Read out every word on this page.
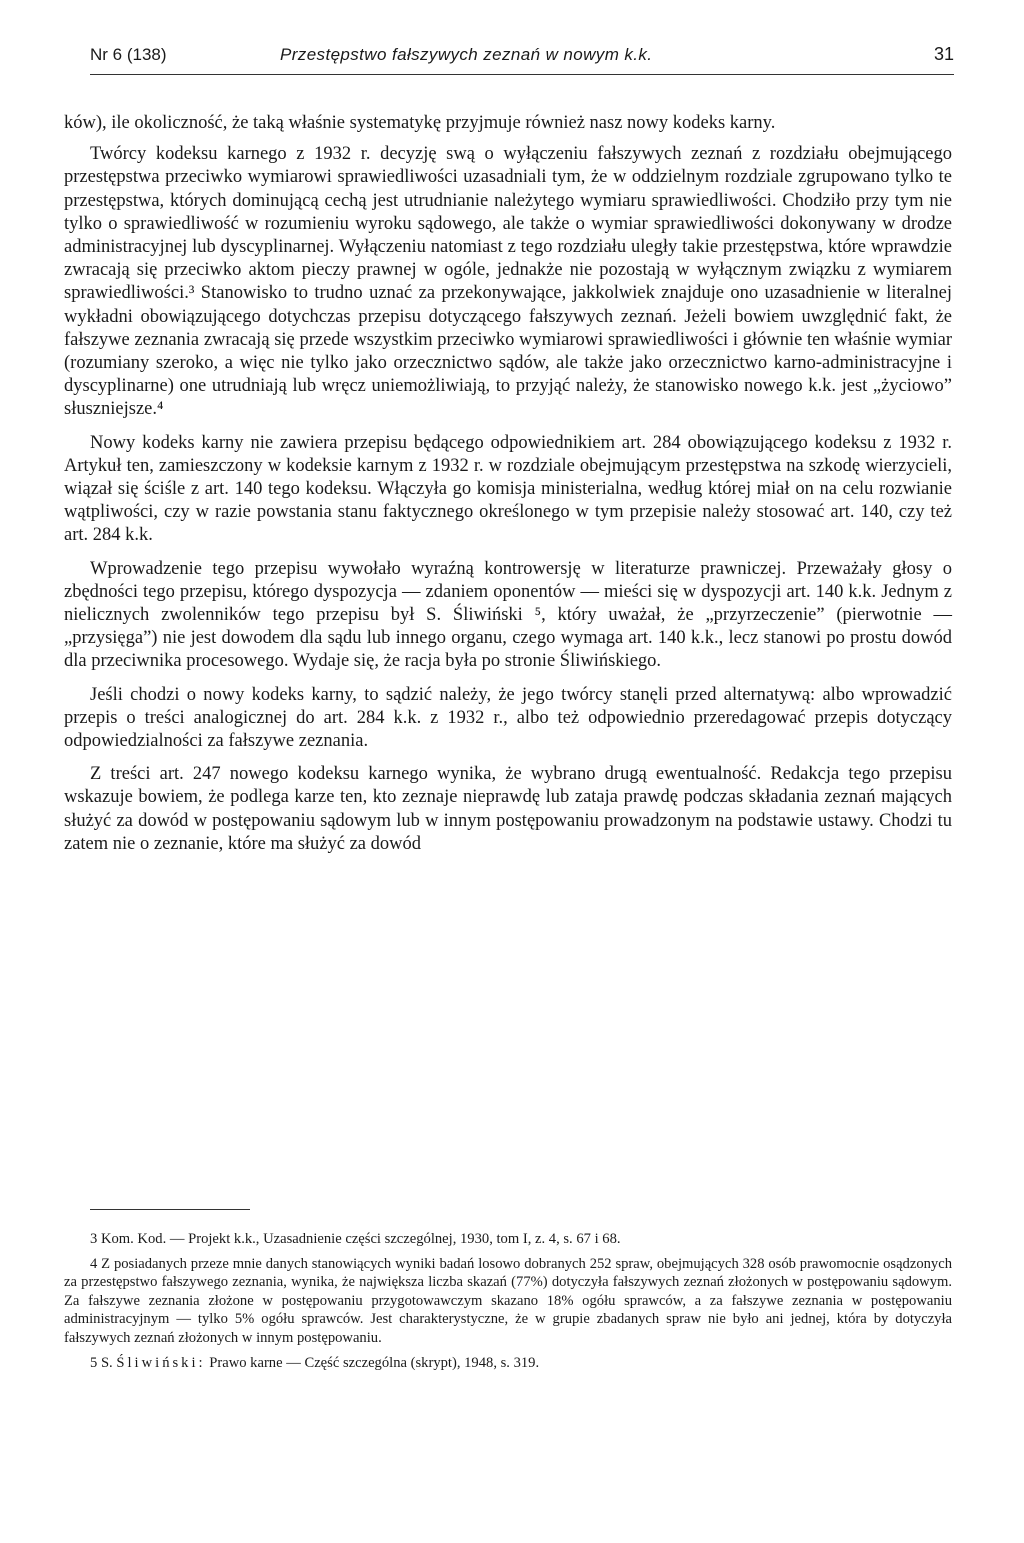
Nr 6 (138)	Przestępstwo fałszywych zeznań w nowym k.k.	31

ków), ile okoliczność, że taką właśnie systematykę przyjmuje również nasz nowy kodeks karny.

Twórcy kodeksu karnego z 1932 r. decyzję swą o wyłączeniu fałszywych zeznań z rozdziału obejmującego przestępstwa przeciwko wymiarowi sprawiedliwości uzasadniali tym, że w oddzielnym rozdziale zgrupowano tylko te przestępstwa, których dominującą cechą jest utrudnianie należytego wymiaru sprawiedliwości. Chodziło przy tym nie tylko o sprawiedliwość w rozumieniu wyroku sądowego, ale także o wymiar sprawiedliwości dokonywany w drodze administracyjnej lub dyscyplinarnej. Wyłączeniu natomiast z tego rozdziału uległy takie przestępstwa, które wprawdzie zwracają się przeciwko aktom pieczy prawnej w ogóle, jednakże nie pozostają w wyłącznym związku z wymiarem sprawiedliwości.³ Stanowisko to trudno uznać za przekonywające, jakkolwiek znajduje ono uzasadnienie w literalnej wykładni obowiązującego dotychczas przepisu dotyczącego fałszywych zeznań. Jeżeli bowiem uwzględnić fakt, że fałszywe zeznania zwracają się przede wszystkim przeciwko wymiarowi sprawiedliwości i głównie ten właśnie wymiar (rozumiany szeroko, a więc nie tylko jako orzecznictwo sądów, ale także jako orzecznictwo karno-administracyjne i dyscyplinarne) one utrudniają lub wręcz uniemożliwiają, to przyjąć należy, że stanowisko nowego k.k. jest „życiowo” słuszniejsze.⁴

Nowy kodeks karny nie zawiera przepisu będącego odpowiednikiem art. 284 obowiązującego kodeksu z 1932 r. Artykuł ten, zamieszczony w kodeksie karnym z 1932 r. w rozdziale obejmującym przestępstwa na szkodę wierzycieli, wiązał się ściśle z art. 140 tego kodeksu. Włączyła go komisja ministerialna, według której miał on na celu rozwianie wątpliwości, czy w razie powstania stanu faktycznego określonego w tym przepisie należy stosować art. 140, czy też art. 284 k.k.

Wprowadzenie tego przepisu wywołało wyraźną kontrowersję w literaturze prawniczej. Przeważały głosy o zbędności tego przepisu, którego dyspozycja — zdaniem oponentów — mieści się w dyspozycji art. 140 k.k. Jednym z nielicznych zwolenników tego przepisu był S. Śliwiński ⁵, który uważał, że „przyrzeczenie” (pierwotnie — „przysięga”) nie jest dowodem dla sądu lub innego organu, czego wymaga art. 140 k.k., lecz stanowi po prostu dowód dla przeciwnika procesowego. Wydaje się, że racja była po stronie Śliwińskiego.

Jeśli chodzi o nowy kodeks karny, to sądzić należy, że jego twórcy stanęli przed alternatywą: albo wprowadzić przepis o treści analogicznej do art. 284 k.k. z 1932 r., albo też odpowiednio przeredagować przepis dotyczący odpowiedzialności za fałszywe zeznania.

Z treści art. 247 nowego kodeksu karnego wynika, że wybrano drugą ewentualność. Redakcja tego przepisu wskazuje bowiem, że podlega karze ten, kto zeznaje nieprawdę lub zataja prawdę podczas składania zeznań mających służyć za dowód w postępowaniu sądowym lub w innym postępowaniu prowadzonym na podstawie ustawy. Chodzi tu zatem nie o zeznanie, które ma służyć za dowód

3 Kom. Kod. — Projekt k.k., Uzasadnienie części szczególnej, 1930, tom I, z. 4, s. 67 i 68.

4 Z posiadanych przeze mnie danych stanowiących wyniki badań losowo dobranych 252 spraw, obejmujących 328 osób prawomocnie osądzonych za przestępstwo fałszywego zeznania, wynika, że największa liczba skazań (77%) dotyczyła fałszywych zeznań złożonych w postępowaniu sądowym. Za fałszywe zeznania złożone w postępowaniu przygotowawczym skazano 18% ogółu sprawców, a za fałszywe zeznania w postępowaniu administracyjnym — tylko 5% ogółu sprawców. Jest charakterystyczne, że w grupie zbadanych spraw nie było ani jednej, która by dotyczyła fałszywych zeznań złożonych w innym postępowaniu.

5 S. Śliwiński: Prawo karne — Część szczególna (skrypt), 1948, s. 319.
